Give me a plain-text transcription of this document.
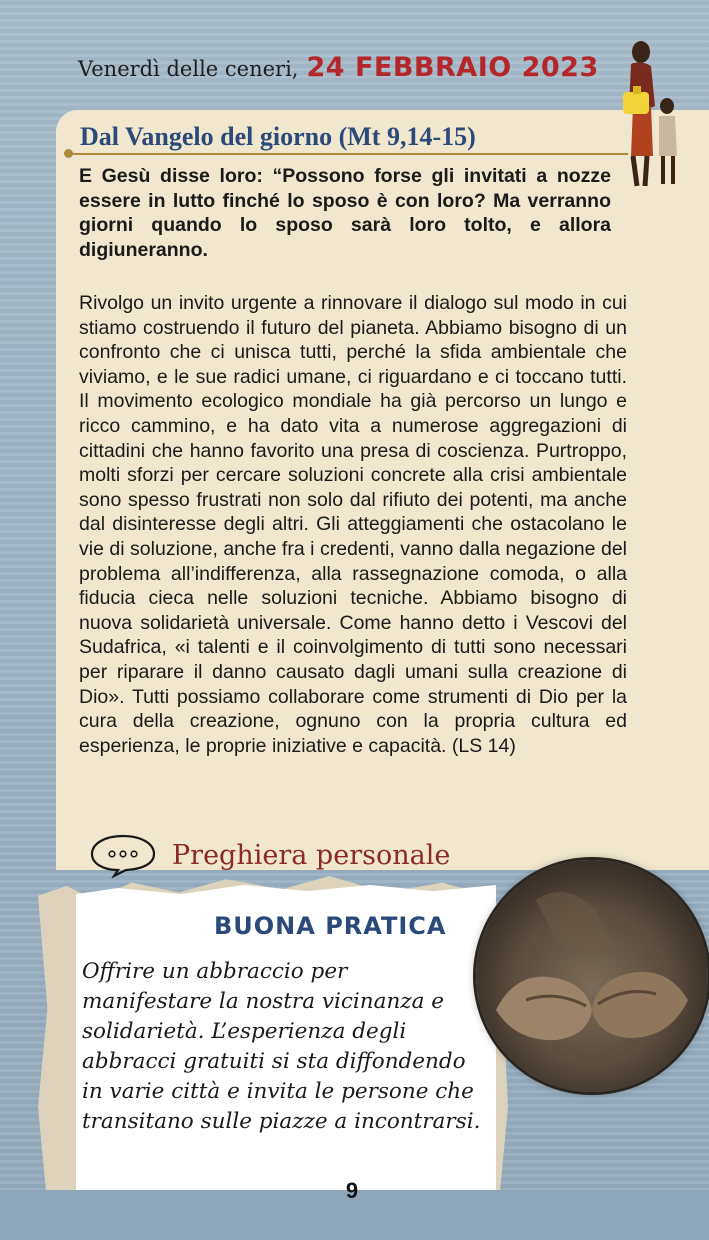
Venerdì delle ceneri, 24 FEBBRAIO 2023
Dal Vangelo del giorno (Mt 9,14-15)
E Gesù disse loro: “Possono forse gli invitati a nozze essere in lutto finché lo sposo è con loro? Ma verranno giorni quando lo sposo sarà loro tolto, e allora digiuneranno.
Rivolgo un invito urgente a rinnovare il dialogo sul modo in cui stiamo costruendo il futuro del pianeta. Abbiamo bisogno di un confronto che ci unisca tutti, perché la sfida ambientale che viviamo, e le sue radici umane, ci riguardano e ci toccano tutti. Il movimento ecologico mondiale ha già percorso un lungo e ricco cammino, e ha dato vita a numerose aggregazioni di cittadini che hanno favorito una presa di coscienza. Purtroppo, molti sforzi per cercare soluzioni concrete alla crisi ambientale sono spesso frustrati non solo dal rifiuto dei potenti, ma anche dal disinteresse degli altri. Gli atteggiamenti che ostacolano le vie di soluzione, anche fra i credenti, vanno dalla negazione del problema all’indifferenza, alla rassegnazione comoda, o alla fiducia cieca nelle soluzioni tecniche. Abbiamo bisogno di nuova solidarietà universale. Come hanno detto i Vescovi del Sudafrica, «i talenti e il coinvolgimento di tutti sono necessari per riparare il danno causato dagli umani sulla creazione di Dio». Tutti possiamo collaborare come strumenti di Dio per la cura della creazione, ognuno con la propria cultura ed esperienza, le proprie iniziative e capacità. (LS 14)
Preghiera personale
BUONA PRATICA
Offrire un abbraccio per manifestare la nostra vicinanza e solidarietà. L’esperienza degli abbracci gratuiti si sta diffondendo in varie città e invita le persone che transitano sulle piazze a incontrarsi.
9
